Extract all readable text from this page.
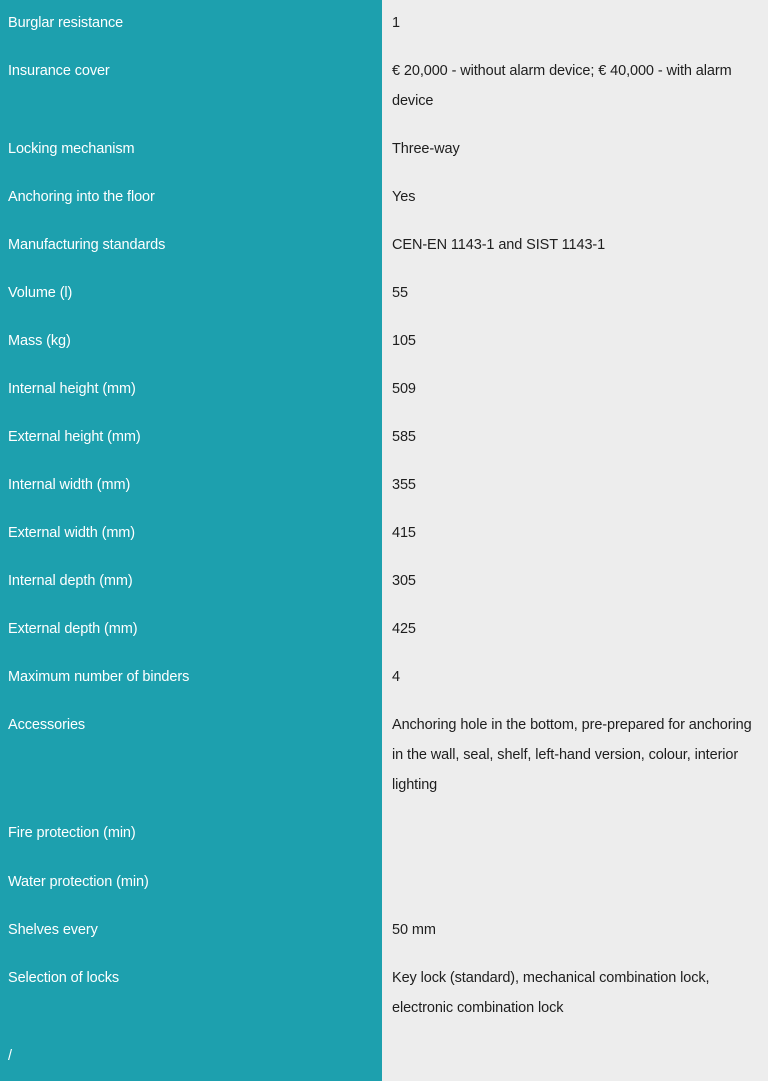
Burglar resistance	1
Insurance cover	€ 20,000 - without alarm device; € 40,000 - with alarm device
Locking mechanism	Three-way
Anchoring into the floor	Yes
Manufacturing standards	CEN-EN 1143-1 and SIST 1143-1
Volume (l)	55
Mass (kg)	105
Internal height (mm)	509
External height (mm)	585
Internal width (mm)	355
External width (mm)	415
Internal depth (mm)	305
External depth (mm)	425
Maximum number of binders	4
Accessories	Anchoring hole in the bottom, pre-prepared for anchoring in the wall, seal, shelf, left-hand version, colour, interior lighting
Fire protection (min)
Water protection (min)
Shelves every	50 mm
Selection of locks	Key lock (standard), mechanical combination lock, electronic combination lock
/
